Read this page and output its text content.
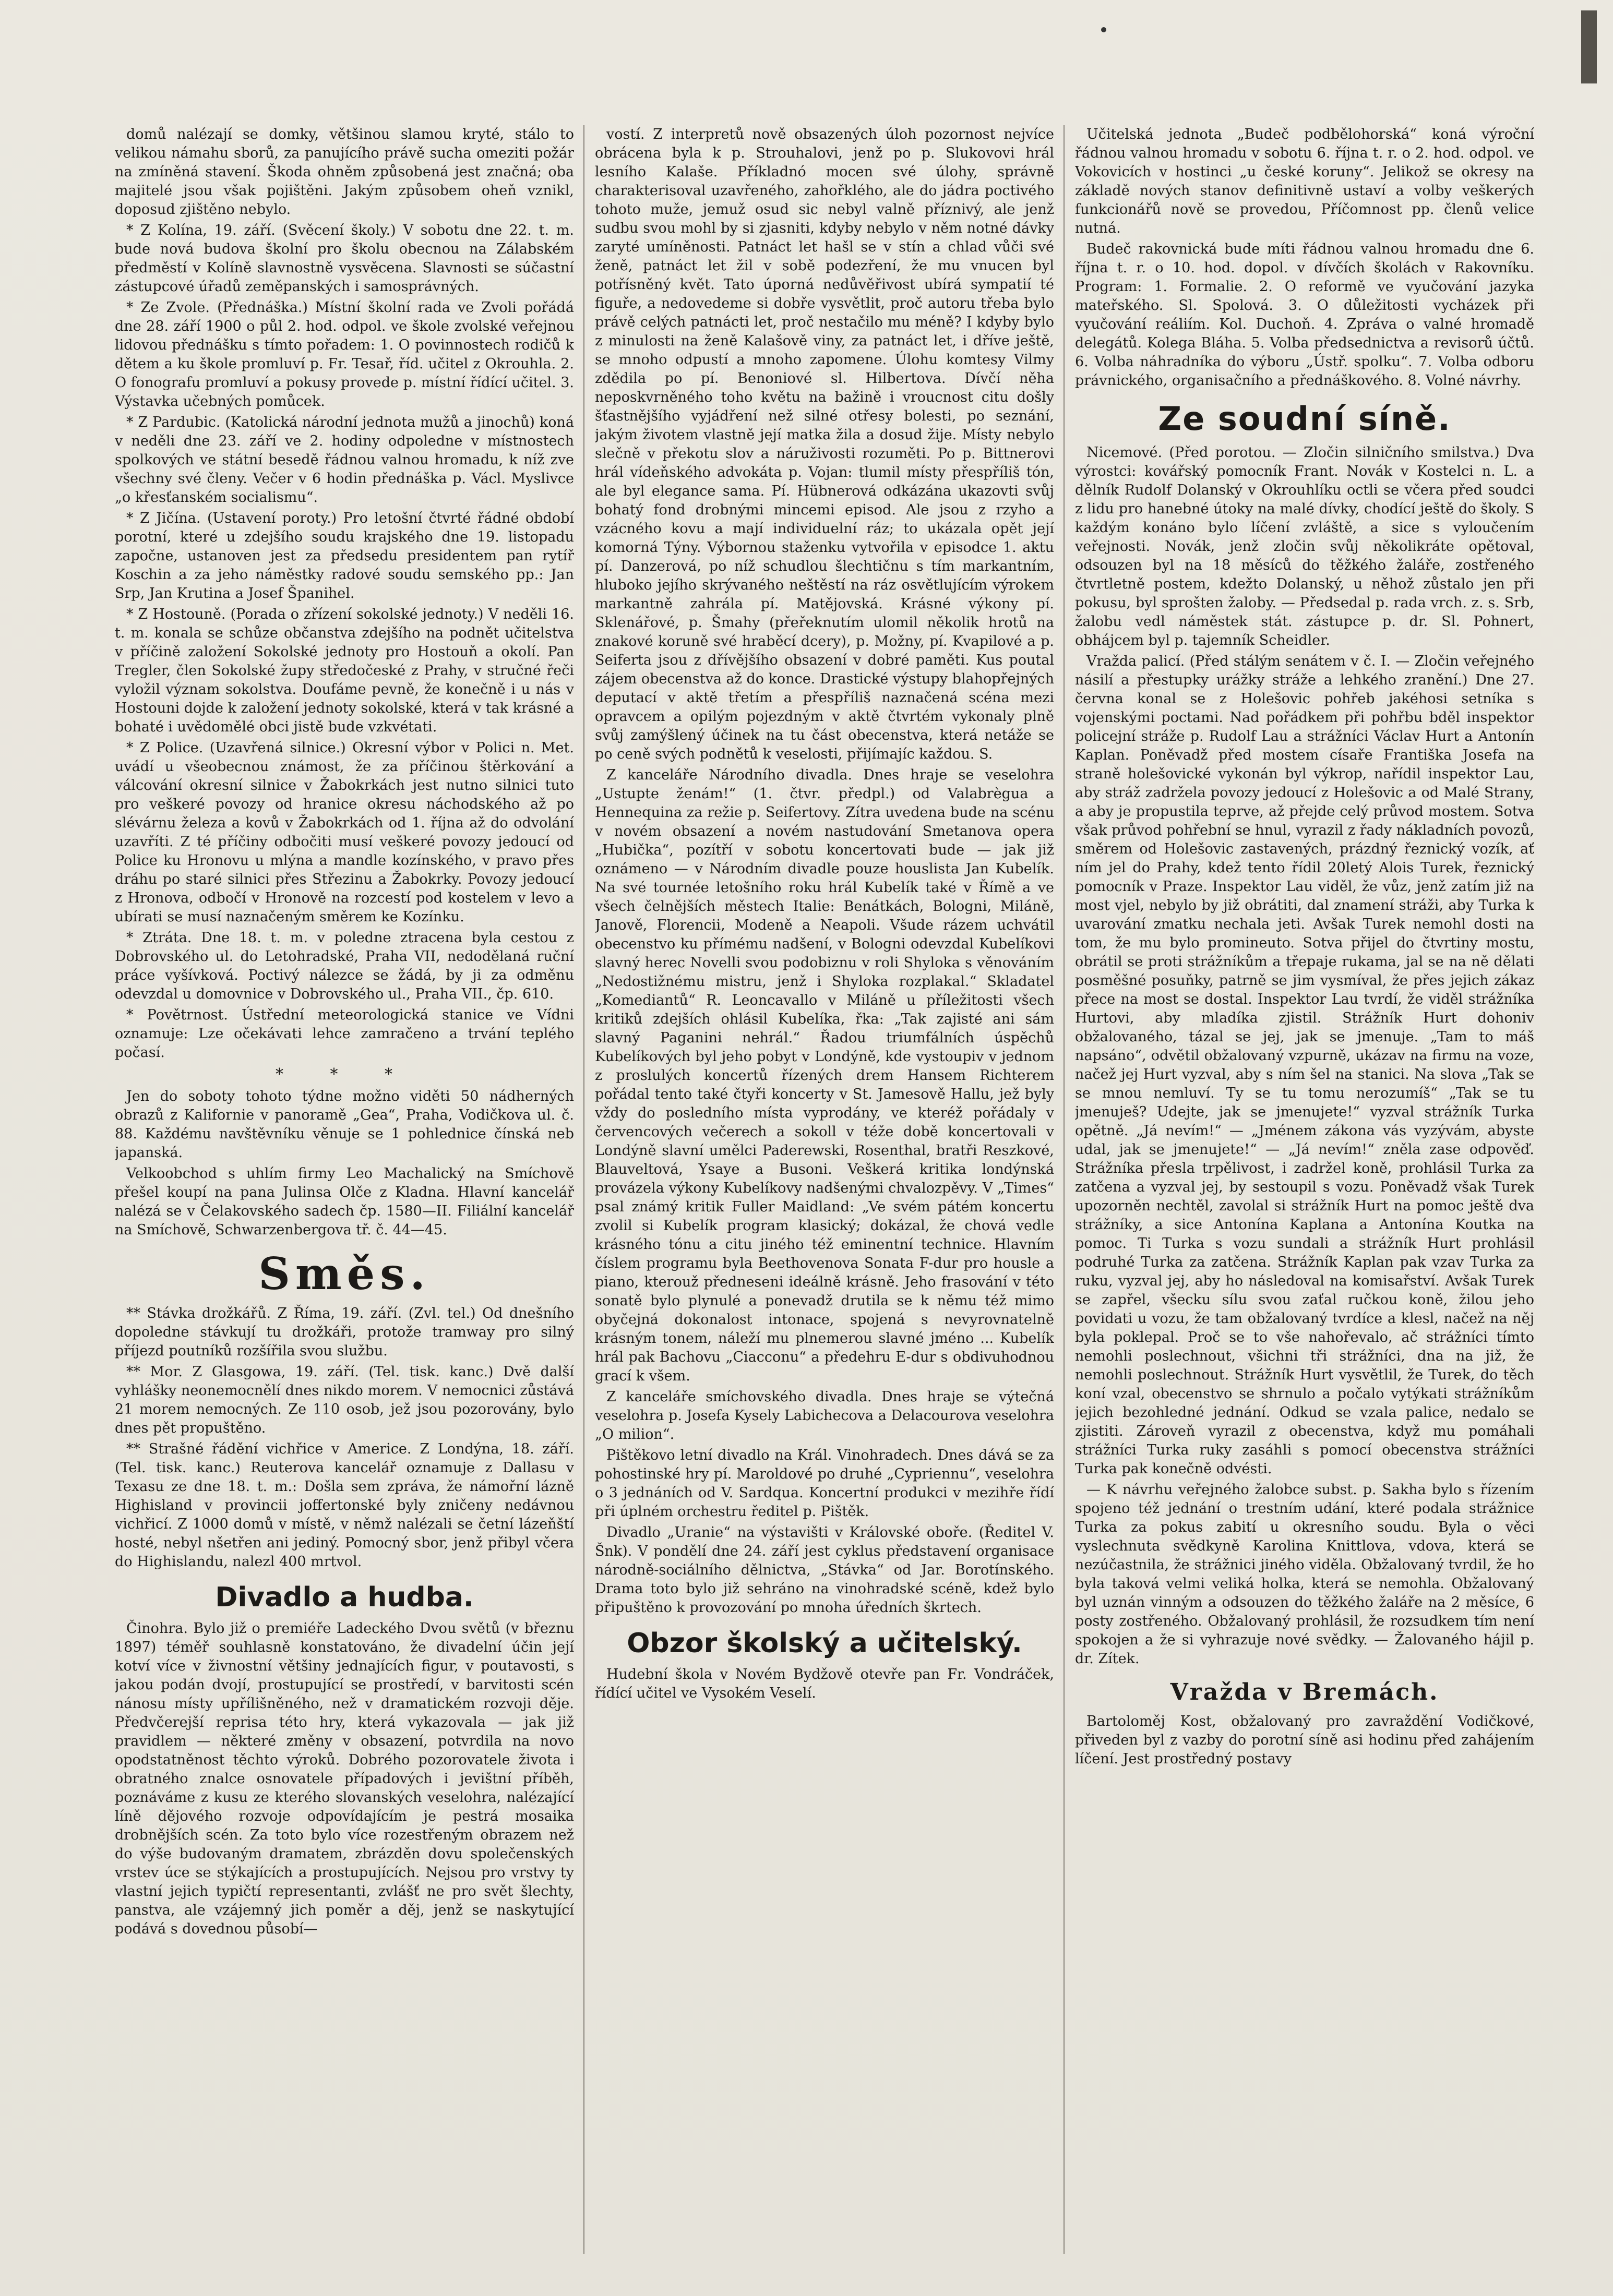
domů nalézají se domky, většinou slamou kryté, stálo to velikou námahu sborů, za panujícího právě sucha omeziti požár na zmíněná stavení. Škoda ohněm způsobená jest značná; oba majitelé jsou však pojištěni. Jakým způsobem oheň vznikl, doposud zjištěno nebylo.

* Z Kolína, 19. září. (Svěcení školy.) V sobotu dne 22. t. m. bude nová budova školní pro školu obecnou na Zálabském předměstí v Kolíně slavnostně vysvěcena. Slavnosti se súčastní zástupcové úřadů zeměpanských i samosprávných.

* Ze Zvole. (Přednáška.) Místní školní rada ve Zvoli pořádá dne 28. září 1900 o půl 2. hod. odpol. ve škole zvolské veřejnou lidovou přednášku s tímto pořadem: 1. O povinnostech rodičů k dětem a ku škole promluví p. Fr. Tesař, říd. učitel z Okrouhla. 2. O fonografu promluví a pokusy provede p. místní řídící učitel. 3. Výstavka učebných pomůcek.

* Z Pardubic. (Katolická národní jednota mužů a jinochů) koná v neděli dne 23. září ve 2. hodiny odpoledne v místnostech spolkových ve státní besedě řádnou valnou hromadu, k níž zve všechny své členy. Večer v 6 hodin přednáška p. Václ. Myslivce „o křesťanském socialismu“.

* Z Jičína. (Ustavení poroty.) Pro letošní čtvrté řádné období porotní, které u zdejšího soudu krajského dne 19. listopadu započne, ustanoven jest za předsedu presidentem pan rytíř Koschin a za jeho náměstky radové soudu semského pp.: Jan Srp, Jan Krutina a Josef Španihel.

* Z Hostouně. (Porada o zřízení sokolské jednoty.) V neděli 16. t. m. konala se schůze občanstva zdejšího na podnět učitelstva v příčině založení Sokolské jednoty pro Hostouň a okolí. Pan Tregler, člen Sokolské župy středočeské z Prahy, v stručné řeči vyložil význam sokolstva. Doufáme pevně, že konečně i u nás v Hostouni dojde k založení jednoty sokolské, která v tak krásné a bohaté i uvědomělé obci jistě bude vzkvétati.

* Z Police. (Uzavřená silnice.) Okresní výbor v Polici n. Met. uvádí u všeobecnou známost, že za příčinou štěrkování a válcování okresní silnice v Žabokrkách jest nutno silnici tuto pro veškeré povozy od hranice okresu náchodského až po slévárnu železa a kovů v Žabokrkách od 1. října až do odvolání uzavříti. Z té příčiny odbočiti musí veškeré povozy jedoucí od Police ku Hronovu u mlýna a mandle kozínského, v pravo přes dráhu po staré silnici přes Střezinu a Žabokrky. Povozy jedoucí z Hronova, odbočí v Hronově na rozcestí pod kostelem v levo a ubírati se musí naznačeným směrem ke Kozínku.

* Ztráta. Dne 18. t. m. v poledne ztracena byla cestou z Dobrovského ul. do Letohradské, Praha VII, nedodělaná ruční práce vyšívková. Poctivý nálezce se žádá, by ji za odměnu odevzdal u domovnice v Dobrovského ul., Praha VII., čp. 610.

* Povětrnost. Ústřední meteorologická stanice ve Vídni oznamuje: Lze očekávati lehce zamračeno a trvání teplého počasí.

* * *

Jen do soboty tohoto týdne možno viděti 50 nádherných obrazů z Kalifornie v panoramě „Gea“, Praha, Vodičkova ul. č. 88. Každému navštěvníku věnuje se 1 pohlednice čínská neb japanská.

Velkoobchod s uhlím firmy Leo Machalický na Smíchově přešel koupí na pana Julinsa Olče z Kladna. Hlavní kancelář nalézá se v Čelakovského sadech čp. 1580—II. Filiální kancelář na Smíchově, Schwarzenbergova tř. č. 44—45.

Směs.

** Stávka drožkářů. Z Říma, 19. září. (Zvl. tel.) Od dnešního dopoledne stávkují tu drožkáři, protože tramway pro silný příjezd poutníků rozšířila svou službu.

** Mor. Z Glasgowa, 19. září. (Tel. tisk. kanc.) Dvě další vyhlášky neonemocnělí dnes nikdo morem. V nemocnici zůstává 21 morem nemocných. Ze 110 osob, jež jsou pozorovány, bylo dnes pět propuštěno.

** Strašné řádění vichřice v Americe. Z Londýna, 18. září. (Tel. tisk. kanc.) Reuterova kancelář oznamuje z Dallasu v Texasu ze dne 18. t. m.: Došla sem zpráva, že námořní lázně Highisland v provincii joffertonské byly zničeny nedávnou vichřicí. Z 1000 domů v místě, v němž nalézali se četní lázeňští hosté, nebyl nšetřen ani jediný. Pomocný sbor, jenž přibyl včera do Highislandu, nalezl 400 mrtvol.

Divadlo a hudba.

Činohra. Bylo již o premiéře Ladeckého Dvou světů (v březnu 1897) téměř souhlasně konstatováno, že divadelní účin její kotví více v živnostní většiny jednajících figur, v poutavosti, s jakou podán dvojí, prostupující se prostředí, v barvitosti scén nánosu místy upřílišněného, než v dramatickém rozvoji děje. Předvčerejší reprisa této hry, která vykazovala — jak již pravidlem — některé změny v obsazení, potvrdila na novo opodstatněnost těchto výroků. Dobrého pozorovatele života i obratného znalce osnovatele případových i jevištní příběh, poznáváme z kusu ze kterého slovanských veselohra, nalézající líně dějového rozvoje odpovídajícím je pestrá mosaika drobnějších scén. Za toto bylo více rozestřeným obrazem než do výše budovaným dramatem, zbrázděn dovu společenských vrstev úce se stýkajících a prostupujících. Nejsou pro vrstvy ty vlastní jejich typičtí representanti, zvlášť ne pro svět šlechty, panstva, ale vzájemný jich poměr a děj, jenž se naskytující podává s dovednou působí—

vostí. Z interpretů nově obsazených úloh pozornost nejvíce obrácena byla k p. Strouhalovi, jenž po p. Slukovovi hrál lesního Kalaše. Příkladnó mocen své úlohy, správně charakterisoval uzavřeného, zahořklého, ale do jádra poctivého tohoto muže, jemuž osud sic nebyl valně příznivý, ale jenž sudbu svou mohl by si zjasniti, kdyby nebylo v něm notné dávky zaryté umíněnosti. Patnáct let hašl se v stín a chlad vůči své ženě, patnáct let žil v sobě podezření, že mu vnucen byl potřísněný květ. Tato úporná nedůvěřivost ubírá sympatií té figuře, a nedovedeme si dobře vysvětlit, proč autoru třeba bylo právě celých patnácti let, proč nestačilo mu méně? I kdyby bylo z minulosti na ženě Kalašově viny, za patnáct let, i dříve ještě, se mnoho odpustí a mnoho zapomene. Úlohu komtesy Vilmy zdědila po pí. Benoniové sl. Hilbertova. Dívčí něha neposkvrněného toho květu na bažině i vroucnost citu došly šťastnějšího vyjádření než silné otřesy bolesti, po seznání, jakým životem vlastně její matka žila a dosud žije. Místy nebylo slečně v překotu slov a náruživosti rozuměti. Po p. Bittnerovi hrál vídeňského advokáta p. Vojan: tlumil místy přespříliš tón, ale byl elegance sama. Pí. Hübnerová odkázána ukazovti svůj bohatý fond drobnými mincemi episod. Ale jsou z rzyho a vzácného kovu a mají individuelní ráz; to ukázala opět její komorná Týny. Výbornou staženku vytvořila v episodce 1. aktu pí. Danzerová, po níž schudlou šlechtičnu s tím markantním, hluboko jejího skrývaného neštěstí na ráz osvětlujícím výrokem markantně zahrála pí. Matějovská. Krásné výkony pí. Sklenářové, p. Šmahy (přeřeknutím ulomil několik hrotů na znakové koruně své hraběcí dcery), p. Možny, pí. Kvapilové a p. Seiferta jsou z dřívějšího obsazení v dobré paměti. Kus poutal zájem obecenstva až do konce. Drastické výstupy blahopřejných deputací v aktě třetím a přespříliš naznačená scéna mezi opravcem a opilým pojezdným v aktě čtvrtém vykonaly plně svůj zamýšlený účinek na tu část obecenstva, která netáže se po ceně svých podnětů k veselosti, přijímajíc každou. S.

Z kanceláře Národního divadla. Dnes hraje se veselohra „Ustupte ženám!“ (1. čtvr. předpl.) od Valabrègua a Hennequina za režie p. Seifertovy. Zítra uvedena bude na scénu v novém obsazení a novém nastudování Smetanova opera „Hubička“, pozítří v sobotu koncertovati bude — jak již oznámeno — v Národním divadle pouze houslista Jan Kubelík. Na své tournée letošního roku hrál Kubelík také v Římě a ve všech čelnějších městech Italie: Benátkách, Bologni, Miláně, Janově, Florencii, Modeně a Neapoli. Všude rázem uchvátil obecenstvo ku přímému nadšení, v Bologni odevzdal Kubelíkovi slavný herec Novelli svou podobiznu v roli Shyloka s věnováním „Nedostižnému mistru, jenž i Shyloka rozplakal.“ Skladatel „Komediantů“ R. Leoncavallo v Miláně u příležitosti všech kritiků zdejších ohlásil Kubelíka, řka: „Tak zajisté ani sám slavný Paganini nehrál.“ Řadou triumfálních úspěchů Kubelíkových byl jeho pobyt v Londýně, kde vystoupiv v jednom z proslulých koncertů řízených drem Hansem Richterem pořádal tento také čtyři koncerty v St. Jamesově Hallu, jež byly vždy do posledního místa vyprodány, ve kteréž pořádaly v červencových večerech a sokoll v téže době koncertovali v Londýně slavní umělci Paderewski, Rosenthal, bratři Reszkové, Blauveltová, Ysaye a Busoni. Veškerá kritika londýnská provázela výkony Kubelíkovy nadšenými chvalozpěvy. V „Times“ psal známý kritik Fuller Maidland: „Ve svém pátém koncertu zvolil si Kubelík program klasický; dokázal, že chová vedle krásného tónu a citu jiného též eminentní technice. Hlavním číslem programu byla Beethovenova Sonata F-dur pro housle a piano, kterouž předneseni ideálně krásně. Jeho frasování v této sonatě bylo plynulé a ponevadž drutila se k němu též mimo obyčejná dokonalost intonace, spojená s nevyrovnatelně krásným tonem, náleží mu plnemerou slavné jméno ... Kubelík hrál pak Bachovu „Ciacconu“ a předehru E-dur s obdivuhodnou grací k všem.

Z kanceláře smíchovského divadla. Dnes hraje se výtečná veselohra p. Josefa Kysely Labichecova a Delacourova veselohra „O milion“.

Pištěkovo letní divadlo na Král. Vinohradech. Dnes dává se za pohostinské hry pí. Maroldové po druhé „Cypriennu“, veselohra o 3 jednáních od V. Sardqua. Koncertní produkci v mezihře řídí při úplném orchestru ředitel p. Pištěk.

Divadlo „Uranie“ na výstavišti v Královské oboře. (Ředitel V. Šnk). V pondělí dne 24. září jest cyklus představení organisace národně-sociálního dělnictva, „Stávka“ od Jar. Borotínského. Drama toto bylo již sehráno na vinohradské scéně, kdež bylo připuštěno k provozování po mnoha úředních škrtech.

Obzor školský a učitelský.

Hudební škola v Novém Bydžově otevře pan Fr. Vondráček, řídící učitel ve Vysokém Veselí.

Učitelská jednota „Budeč podbělohorská“ koná výroční řádnou valnou hromadu v sobotu 6. října t. r. o 2. hod. odpol. ve Vokovicích v hostinci „u české koruny“. Jelikož se okresy na základě nových stanov definitivně ustaví a volby veškerých funkcionářů nově se provedou, Příčomnost pp. členů velice nutná.

Budeč rakovnická bude míti řádnou valnou hromadu dne 6. října t. r. o 10. hod. dopol. v dívčích školách v Rakovníku. Program: 1. Formalie. 2. O reformě ve vyučování jazyka mateřského. Sl. Spolová. 3. O důležitosti vycházek při vyučování reáliím. Kol. Duchoň. 4. Zpráva o valné hromadě delegátů. Kolega Bláha. 5. Volba předsednictva a revisorů účtů. 6. Volba náhradníka do výboru „Ústř. spolku“. 7. Volba odboru právnického, organisačního a přednáškového. 8. Volné návrhy.

Ze soudní síně.

Nicemové. (Před porotou. — Zločin silničního smilstva.) Dva výrostci: kovářský pomocník Frant. Novák v Kostelci n. L. a dělník Rudolf Dolanský v Okrouhlíku octli se včera před soudci z lidu pro hanebné útoky na malé dívky, chodící ještě do školy. S každým konáno bylo líčení zvláště, a sice s vyloučením veřejnosti. Novák, jenž zločin svůj několikráte opětoval, odsouzen byl na 18 měsíců do těžkého žaláře, zostřeného čtvrtletně postem, kdežto Dolanský, u něhož zůstalo jen při pokusu, byl sprošten žaloby. — Předsedal p. rada vrch. z. s. Srb, žalobu vedl náměstek stát. zástupce p. dr. Sl. Pohnert, obhájcem byl p. tajemník Scheidler.

Vražda palicí. (Před stálým senátem v č. I. — Zločin veřejného násilí a přestupky urážky stráže a lehkého zranění.) Dne 27. června konal se z Holešovic pohřeb jakéhosi setníka s vojenskými poctami. Nad pořádkem při pohřbu bděl inspektor policejní stráže p. Rudolf Lau a strážníci Václav Hurt a Antonín Kaplan. Poněvadž před mostem císaře Františka Josefa na straně holešovické vykonán byl výkrop, nařídil inspektor Lau, aby stráž zadržela povozy jedoucí z Holešovic a od Malé Strany, a aby je propustila teprve, až přejde celý průvod mostem. Sotva však průvod pohřební se hnul, vyrazil z řady nákladních povozů, směrem od Holešovic zastavených, prázdný řeznický vozík, ať ním jel do Prahy, kdež tento řídil 20letý Alois Turek, řeznický pomocník v Praze. Inspektor Lau viděl, že vůz, jenž zatím již na most vjel, nebylo by již obrátiti, dal znamení stráži, aby Turka k uvarování zmatku nechala jeti. Avšak Turek nemohl dosti na tom, že mu bylo promineuto. Sotva přijel do čtvrtiny mostu, obrátil se proti strážníkům a třepaje rukama, jal se na ně dělati posměšné posuňky, patrně se jim vysmíval, že přes jejich zákaz přece na most se dostal. Inspektor Lau tvrdí, že viděl strážníka Hurtovi, aby mladíka zjistil. Strážník Hurt dohoniv obžalovaného, tázal se jej, jak se jmenuje. „Tam to máš napsáno“, odvětil obžalovaný vzpurně, ukázav na firmu na voze, načež jej Hurt vyzval, aby s ním šel na stanici. Na slova „Tak se se mnou nemluví. Ty se tu tomu nerozumíš“ „Tak se tu jmenuješ? Udejte, jak se jmenujete!“ vyzval strážník Turka opětně. „Já nevím!“ — „Jménem zákona vás vyzývám, abyste udal, jak se jmenujete!“ — „Já nevím!“ zněla zase odpověď. Strážníka přesla trpělivost, i zadržel koně, prohlásil Turka za zatčena a vyzval jej, by sestoupil s vozu. Poněvadž však Turek upozorněn nechtěl, zavolal si strážník Hurt na pomoc ještě dva strážníky, a sice Antonína Kaplana a Antonína Koutka na pomoc. Ti Turka s vozu sundali a strážník Hurt prohlásil podruhé Turka za zatčena. Strážník Kaplan pak vzav Turka za ruku, vyzval jej, aby ho následoval na komisařství. Avšak Turek se zapřel, všecku sílu svou zaťal ručkou koně, žilou jeho povidati u vozu, že tam obžalovaný tvrdíce a klesl, načež na něj byla poklepal. Proč se to vše nahořevalo, ač strážníci tímto nemohli poslechnout, všichni tři strážníci, dna na již, že nemohli poslechnout. Strážník Hurt vysvětlil, že Turek, do těch koní vzal, obecenstvo se shrnulo a počalo vytýkati strážníkům jejich bezohledné jednání. Odkud se vzala palice, nedalo se zjistiti. Zároveň vyrazil z obecenstva, když mu pomáhali strážníci Turka ruky zasáhli s pomocí obecenstva strážníci Turka pak konečně odvésti.

— K návrhu veřejného žalobce subst. p. Sakha bylo s řízením spojeno též jednání o trestním udání, které podala strážnice Turka za pokus zabití u okresního soudu. Byla o věci vyslechnuta svědkyně Karolina Knittlova, vdova, která se nezúčastnila, že strážnici jiného viděla. Obžalovaný tvrdil, že ho byla taková velmi veliká holka, která se nemohla. Obžalovaný byl uznán vinným a odsouzen do těžkého žaláře na 2 měsíce, 6 posty zostřeného. Obžalovaný prohlásil, že rozsudkem tím není spokojen a že si vyhrazuje nové svědky. — Žalovaného hájil p. dr. Zítek.

Vražda v Bremách.

Bartoloměj Kost, obžalovaný pro zavraždění Vodičkové, přiveden byl z vazby do porotní síně asi hodinu před zahájením líčení. Jest prostředný postavy
